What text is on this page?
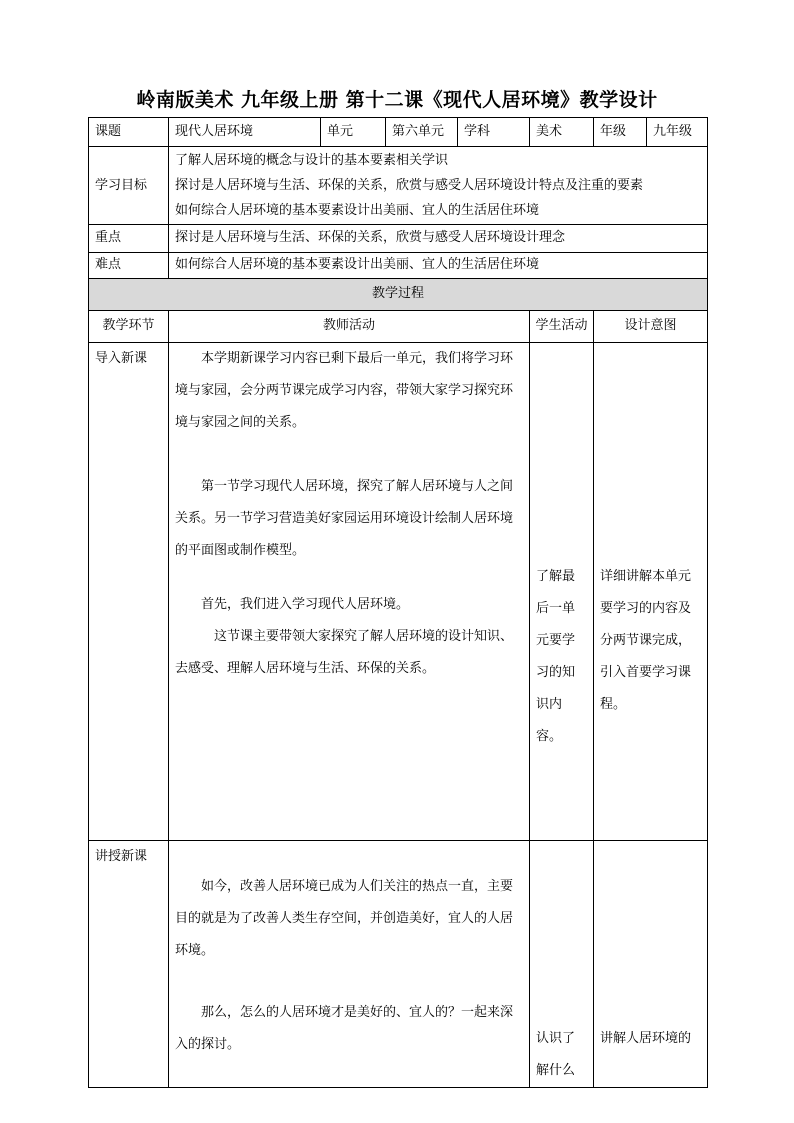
岭南版美术 九年级上册 第十二课《现代人居环境》教学设计
课题	现代人居环境	单元	第六单元	学科	美术	年级	九年级
学习目标	了解人居环境的概念与设计的基本要素相关学识
探讨是人居环境与生活、环保的关系，欣赏与感受人居环境设计特点及注重的要素
如何综合人居环境的基本要素设计出美丽、宜人的生活居住环境						

重点	探讨是人居环境与生活、环保的关系，欣赏与感受人居环境设计理念						
难点	如何综合人居环境的基本要素设计出美丽、宜人的生活居住环境						
教学过程							
教学环节	教师活动				学生活动	设计意图	
导入新课	本学期新课学习内容已剩下最后一单元，我们将学习环境与家园，会分两节课完成学习内容，带领大家学习探究环境与家园之间的关系。

第一节学习现代人居环境，探究了解人居环境与人之间关系。另一节学习营造美好家园运用环境设计绘制人居环境的平面图或制作模型。

首先，我们进入学习现代人居环境。

这节课主要带领大家探究了解人居环境的设计知识、去感受、理解人居环境与生活、环保的关系。				了解最后一单元要学习的知识内容。	详细讲解本单元要学习的内容及分两节课完成，引入首要学习课程。	
讲授新课	如今，改善人居环境已成为人们关注的热点一直，主要目的就是为了改善人类生存空间，并创造美好，宜人的人居环境。

那么，怎么的人居环境才是美好的、宜人的？一起来深入的探讨。				认识了解什么	讲解人居环境的	
